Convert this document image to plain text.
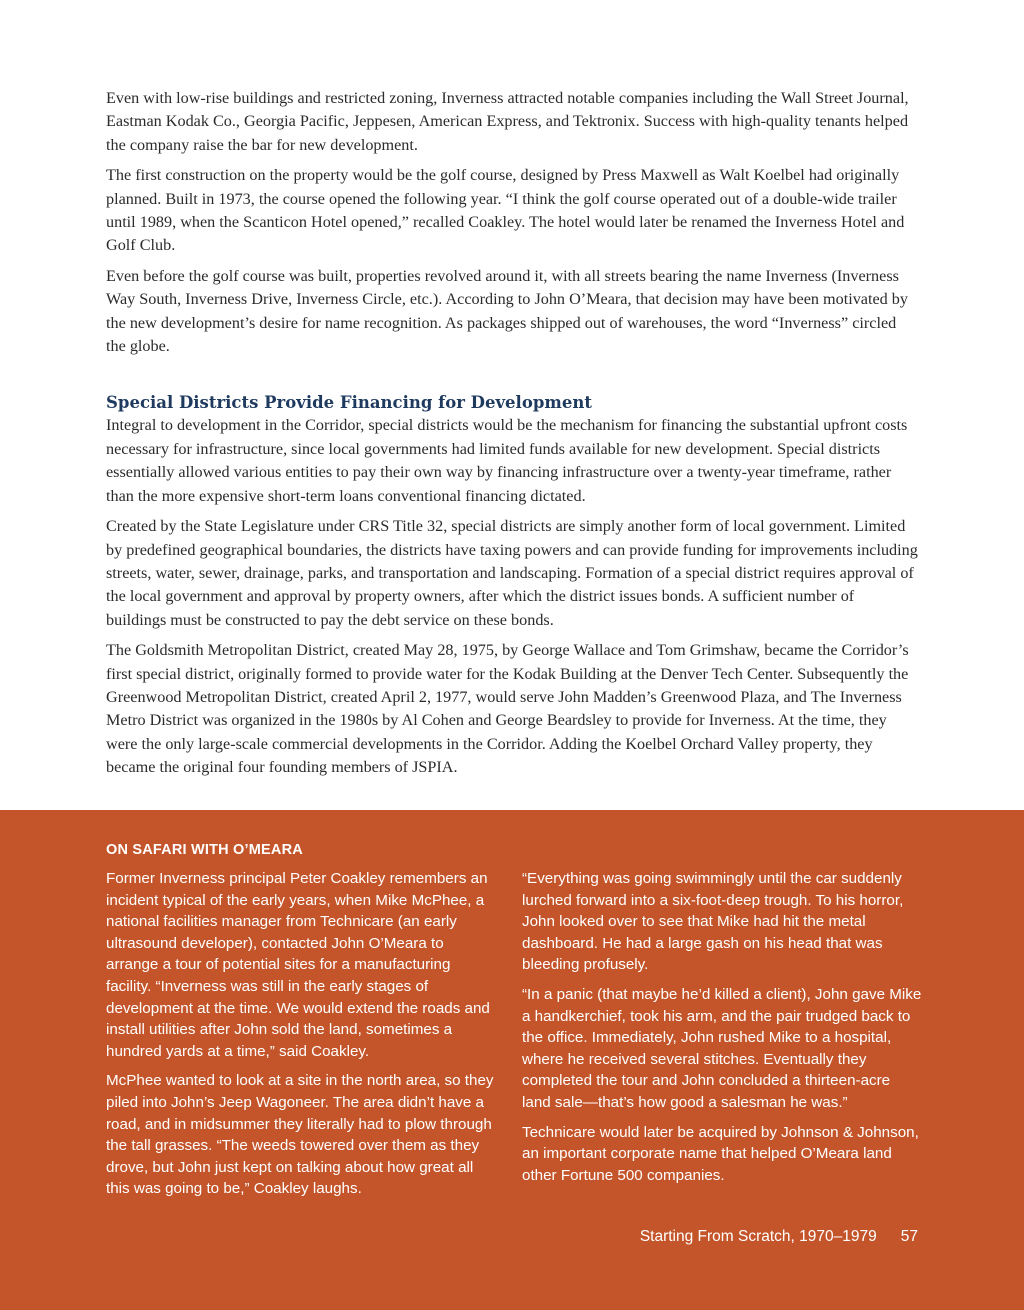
Even with low-rise buildings and restricted zoning, Inverness attracted notable companies including the Wall Street Journal, Eastman Kodak Co., Georgia Pacific, Jeppesen, American Express, and Tektronix. Success with high-quality tenants helped the company raise the bar for new development.

The first construction on the property would be the golf course, designed by Press Maxwell as Walt Koelbel had originally planned. Built in 1973, the course opened the following year. “I think the golf course operated out of a double-wide trailer until 1989, when the Scanticon Hotel opened,” recalled Coakley. The hotel would later be renamed the Inverness Hotel and Golf Club.

Even before the golf course was built, properties revolved around it, with all streets bearing the name Inverness (Inverness Way South, Inverness Drive, Inverness Circle, etc.). According to John O’Meara, that decision may have been motivated by the new development’s desire for name recognition. As packages shipped out of warehouses, the word “Inverness” circled the globe.

Special Districts Provide Financing for Development

Integral to development in the Corridor, special districts would be the mechanism for financing the substantial upfront costs necessary for infrastructure, since local governments had limited funds available for new development. Special districts essentially allowed various entities to pay their own way by financing infrastructure over a twenty-year timeframe, rather than the more expensive short-term loans conventional financing dictated.

Created by the State Legislature under CRS Title 32, special districts are simply another form of local government. Limited by predefined geographical boundaries, the districts have taxing powers and can provide funding for improvements including streets, water, sewer, drainage, parks, and transportation and landscaping. Formation of a special district requires approval of the local government and approval by property owners, after which the district issues bonds. A sufficient number of buildings must be constructed to pay the debt service on these bonds.

The Goldsmith Metropolitan District, created May 28, 1975, by George Wallace and Tom Grimshaw, became the Corridor’s first special district, originally formed to provide water for the Kodak Building at the Denver Tech Center. Subsequently the Greenwood Metropolitan District, created April 2, 1977, would serve John Madden’s Greenwood Plaza, and The Inverness Metro District was organized in the 1980s by Al Cohen and George Beardsley to provide for Inverness. At the time, they were the only large-scale commercial developments in the Corridor. Adding the Koelbel Orchard Valley property, they became the original four founding members of JSPIA.

ON SAFARI WITH O’MEARA

Former Inverness principal Peter Coakley remembers an incident typical of the early years, when Mike McPhee, a national facilities manager from Technicare (an early ultrasound developer), contacted John O’Meara to arrange a tour of potential sites for a manufacturing facility. “Inverness was still in the early stages of development at the time. We would extend the roads and install utilities after John sold the land, sometimes a hundred yards at a time,” said Coakley.

McPhee wanted to look at a site in the north area, so they piled into John’s Jeep Wagoneer. The area didn’t have a road, and in midsummer they literally had to plow through the tall grasses. “The weeds towered over them as they drove, but John just kept on talking about how great all this was going to be,” Coakley laughs.

“Everything was going swimmingly until the car suddenly lurched forward into a six-foot-deep trough. To his horror, John looked over to see that Mike had hit the metal dashboard. He had a large gash on his head that was bleeding profusely.

“In a panic (that maybe he’d killed a client), John gave Mike a handkerchief, took his arm, and the pair trudged back to the office. Immediately, John rushed Mike to a hospital, where he received several stitches. Eventually they completed the tour and John concluded a thirteen-acre land sale—that’s how good a salesman he was.”

Technicare would later be acquired by Johnson & Johnson, an important corporate name that helped O’Meara land other Fortune 500 companies.

Starting From Scratch, 1970–1979 57
